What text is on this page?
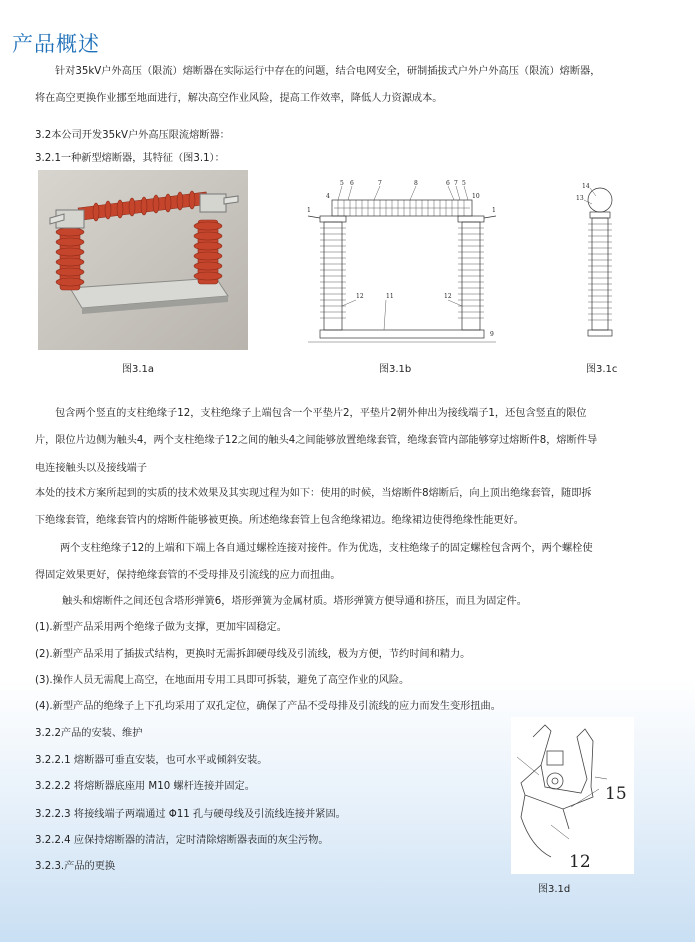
产品概述
针对35kV户外高压（限流）熔断器在实际运行中存在的问题，结合电网安全，研制插拔式户外户外高压（限流）熔断器，
将在高空更换作业挪至地面进行，解决高空作业风险，提高工作效率，降低人力资源成本。
3.2本公司开发35kV户外高压限流熔断器：
3.2.1一种新型熔断器，其特征（图3.1）：
图3.1a
5 6	7	8	6 7 5
4
1
10
1
12	11	12
9
图3.1b
14
13
图3.1c
包含两个竖直的支柱绝缘子12，支柱绝缘子上端包含一个平垫片2，平垫片2朝外伸出为接线端子1，还包含竖直的限位
片，限位片边侧为触头4，两个支柱绝缘子12之间的触头4之间能够放置绝缘套管，绝缘套管内部能够穿过熔断件8，熔断件导
电连接触头以及接线端子
本处的技术方案所起到的实质的技术效果及其实现过程为如下：使用的时候，当熔断件8熔断后，向上顶出绝缘套管，随即拆
下绝缘套管，绝缘套管内的熔断件能够被更换。所述绝缘套管上包含绝缘裙边。绝缘裙边使得绝缘性能更好。
两个支柱绝缘子12的上端和下端上各自通过螺栓连接对接件。作为优选，支柱绝缘子的固定螺栓包含两个，两个螺栓使
得固定效果更好，保持绝缘套管的不受母排及引流线的应力而扭曲。
触头和熔断件之间还包含塔形弹簧6，塔形弹簧为金属材质。塔形弹簧方便导通和挤压，而且为固定件。
(1).新型产品采用两个绝缘子做为支撑，更加牢固稳定。
(2).新型产品采用了插拔式结构，更换时无需拆卸硬母线及引流线，极为方便，节约时间和精力。
(3).操作人员无需爬上高空，在地面用专用工具即可拆装，避免了高空作业的风险。
(4).新型产品的绝缘子上下孔均采用了双孔定位，确保了产品不受母排及引流线的应力而发生变形扭曲。
3.2.2产品的安装、维护
3.2.2.1 熔断器可垂直安装，也可水平或倾斜安装。
3.2.2.2 将熔断器底座用 M10 螺杆连接并固定。
3.2.2.3 将接线端子两端通过 Φ11 孔与硬母线及引流线连接并紧固。
3.2.2.4 应保持熔断器的清洁，定时清除熔断器表面的灰尘污物。
3.2.3.产品的更换
15
12
图3.1d
